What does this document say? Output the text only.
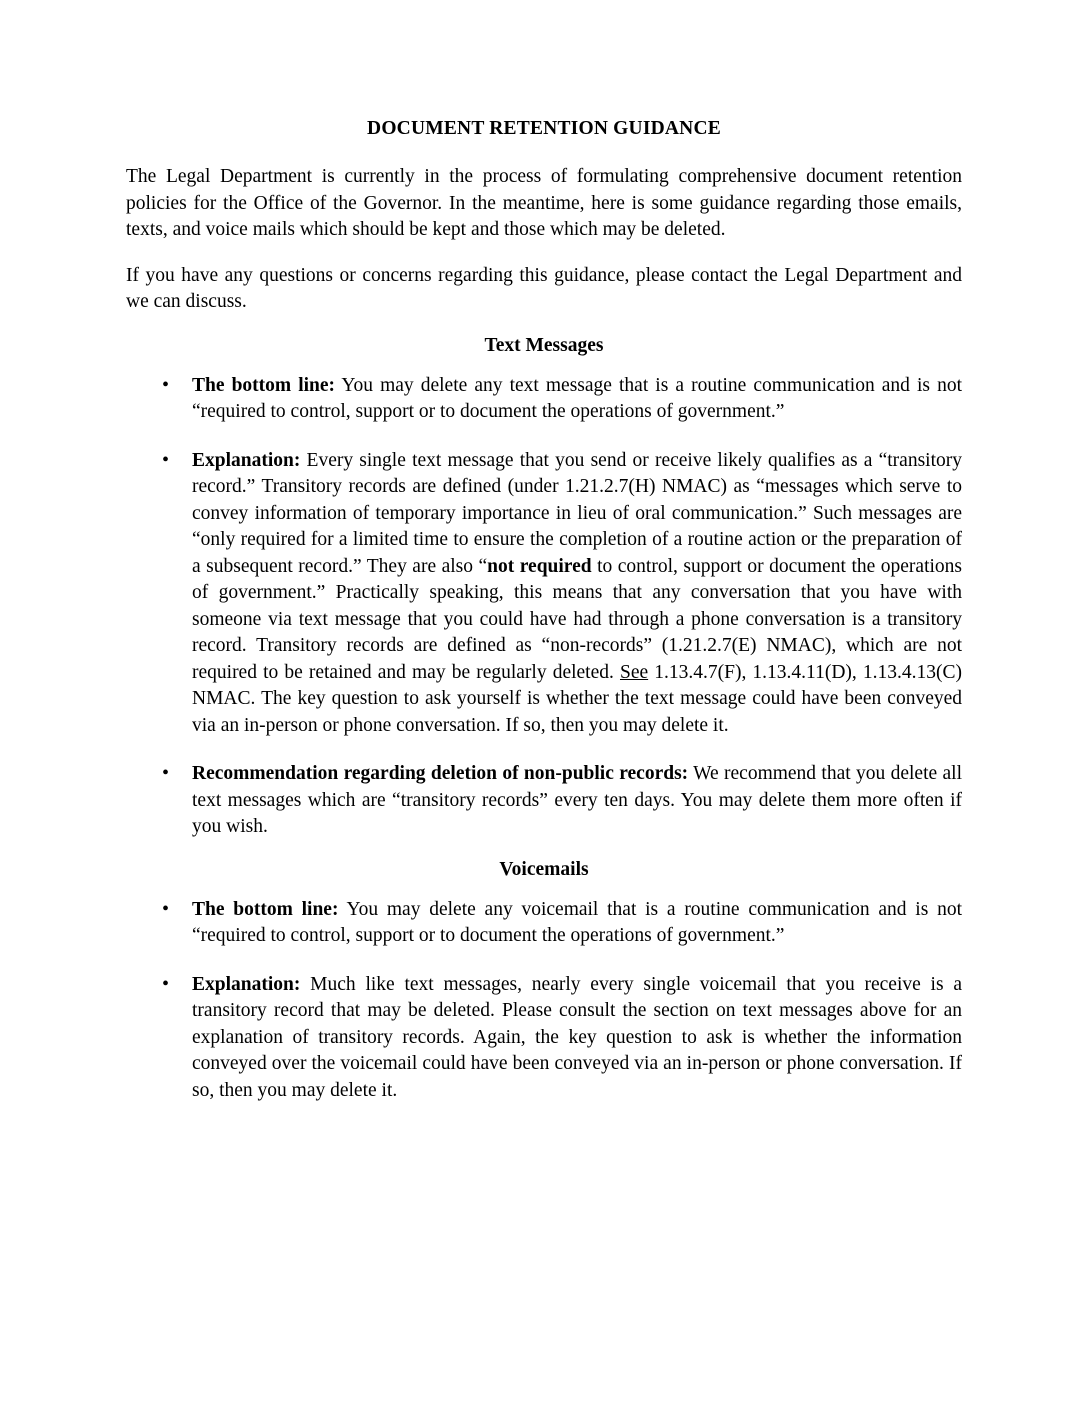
DOCUMENT RETENTION GUIDANCE

The Legal Department is currently in the process of formulating comprehensive document retention policies for the Office of the Governor. In the meantime, here is some guidance regarding those emails, texts, and voice mails which should be kept and those which may be deleted.

If you have any questions or concerns regarding this guidance, please contact the Legal Department and we can discuss.

Text Messages
• The bottom line: You may delete any text message that is a routine communication and is not “required to control, support or to document the operations of government.”
• Explanation: Every single text message that you send or receive likely qualifies as a “transitory record.” Transitory records are defined (under 1.21.2.7(H) NMAC) as “messages which serve to convey information of temporary importance in lieu of oral communication.” Such messages are “only required for a limited time to ensure the completion of a routine action or the preparation of a subsequent record.” They are also “not required to control, support or document the operations of government.” Practically speaking, this means that any conversation that you have with someone via text message that you could have had through a phone conversation is a transitory record. Transitory records are defined as “non-records” (1.21.2.7(E) NMAC), which are not required to be retained and may be regularly deleted. See 1.13.4.7(F), 1.13.4.11(D), 1.13.4.13(C) NMAC. The key question to ask yourself is whether the text message could have been conveyed via an in-person or phone conversation. If so, then you may delete it.
• Recommendation regarding deletion of non-public records: We recommend that you delete all text messages which are “transitory records” every ten days. You may delete them more often if you wish.
Voicemails
• The bottom line: You may delete any voicemail that is a routine communication and is not “required to control, support or to document the operations of government.”
• Explanation: Much like text messages, nearly every single voicemail that you receive is a transitory record that may be deleted. Please consult the section on text messages above for an explanation of transitory records. Again, the key question to ask is whether the information conveyed over the voicemail could have been conveyed via an in-person or phone conversation. If so, then you may delete it.
